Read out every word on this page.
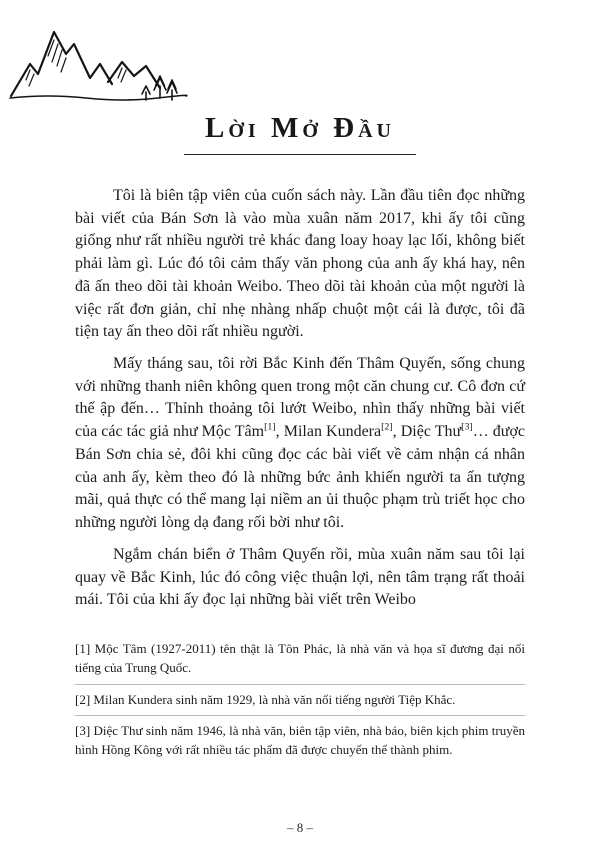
Lời Mở Đầu

Tôi là biên tập viên của cuốn sách này. Lần đầu tiên đọc những bài viết của Bán Sơn là vào mùa xuân năm 2017, khi ấy tôi cũng giống như rất nhiều người trẻ khác đang loay hoay lạc lối, không biết phải làm gì. Lúc đó tôi cảm thấy văn phong của anh ấy khá hay, nên đã ấn theo dõi tài khoản Weibo. Theo dõi tài khoản của một người là việc rất đơn giản, chỉ nhẹ nhàng nhấp chuột một cái là được, tôi đã tiện tay ấn theo dõi rất nhiều người.

Mấy tháng sau, tôi rời Bắc Kinh đến Thâm Quyến, sống chung với những thanh niên không quen trong một căn chung cư. Cô đơn cứ thế ập đến… Thỉnh thoảng tôi lướt Weibo, nhìn thấy những bài viết của các tác giả như Mộc Tâm[1], Milan Kundera[2], Diệc Thư[3]… được Bán Sơn chia sẻ, đôi khi cũng đọc các bài viết về cảm nhận cá nhân của anh ấy, kèm theo đó là những bức ảnh khiến người ta ấn tượng mãi, quả thực có thể mang lại niềm an ủi thuộc phạm trù triết học cho những người lòng dạ đang rối bời như tôi.

Ngắm chán biển ở Thâm Quyến rồi, mùa xuân năm sau tôi lại quay về Bắc Kinh, lúc đó công việc thuận lợi, nên tâm trạng rất thoải mái. Tôi của khi ấy đọc lại những bài viết trên Weibo

[1] Mộc Tâm (1927-2011) tên thật là Tôn Phác, là nhà văn và họa sĩ đương đại nổi tiếng của Trung Quốc.

[2] Milan Kundera sinh năm 1929, là nhà văn nổi tiếng người Tiệp Khắc.

[3] Diệc Thư sinh năm 1946, là nhà văn, biên tập viên, nhà báo, biên kịch phim truyền hình Hồng Kông với rất nhiều tác phẩm đã được chuyển thể thành phim.

– 8 –
